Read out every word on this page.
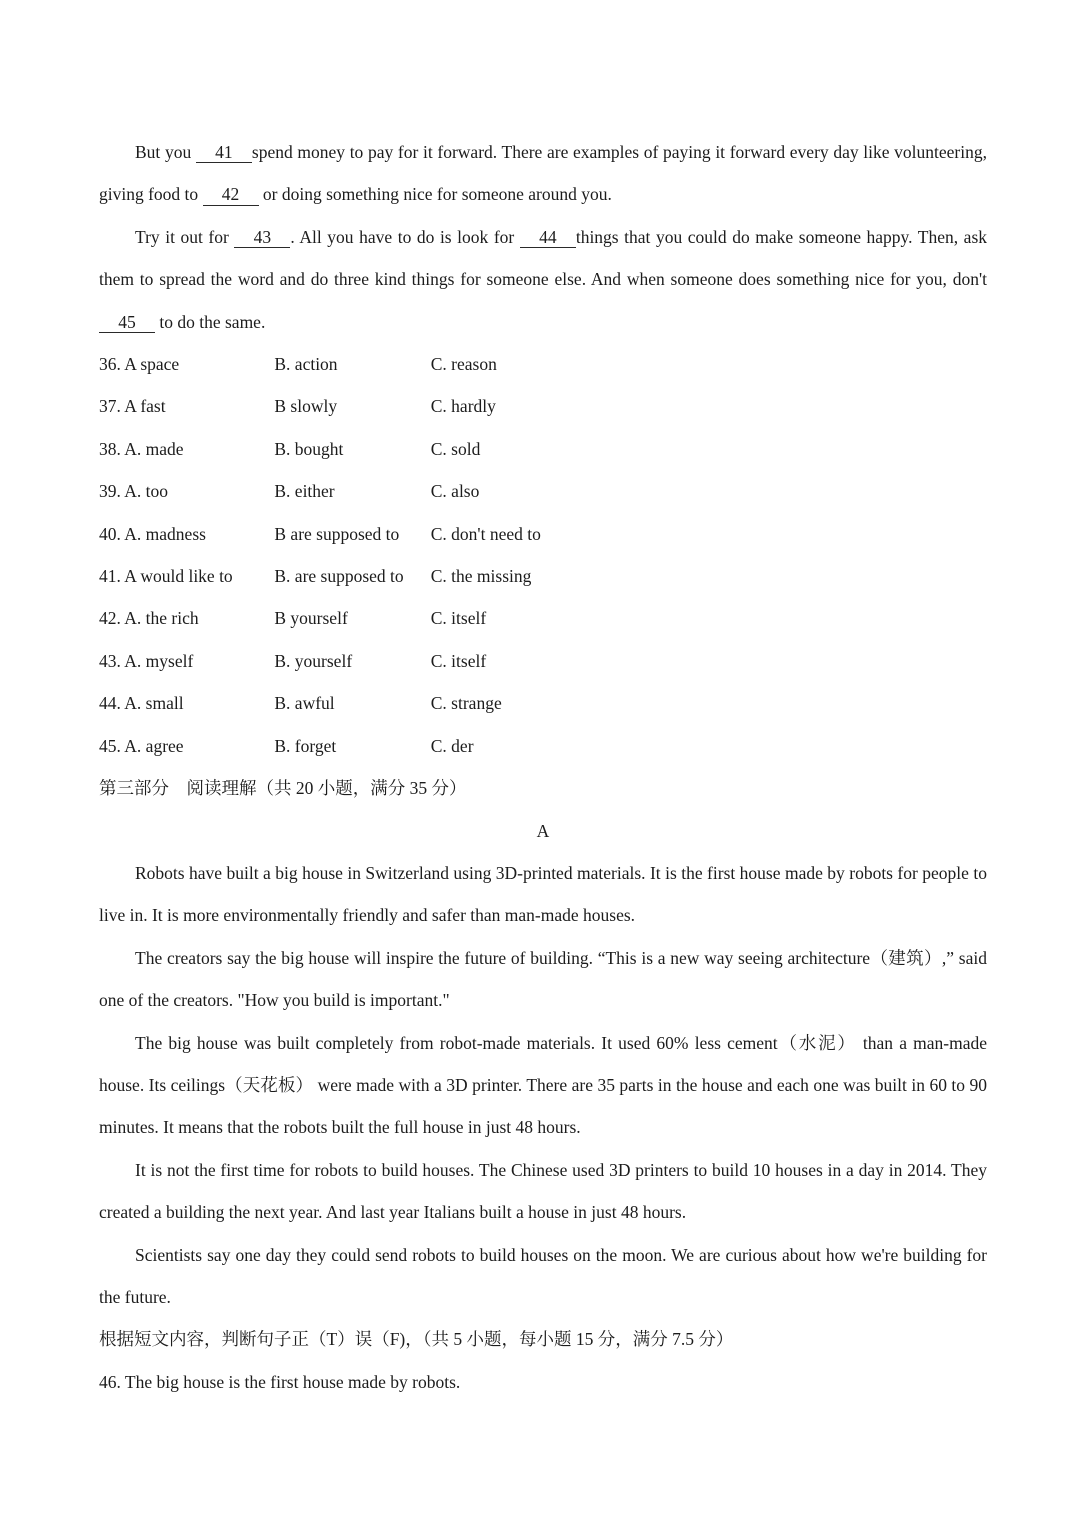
But you 41 spend money to pay for it forward. There are examples of paying it forward every day like volunteering, giving food to 42 or doing something nice for someone around you.

Try it out for 43 . All you have to do is look for 44 things that you could do make someone happy. Then, ask them to spread the word and do three kind things for someone else. And when someone does something nice for you, don't 45 to do the same.

36. A space	B. action	C. reason
37. A fast	B slowly	C. hardly
38. A. made	B. bought	C. sold
39. A. too	B. either	C. also
40. A. madness	B are supposed to C. don't need to
41. A would like to B. are supposed to C. the missing
42. A. the rich	B yourself	C. itself
43. A. myself	B. yourself	C. itself
44. A. small	B. awful	C. strange
45. A. agree	B. forget	C. der

第三部分　阅读理解（共 20 小题，满分 35 分）

A

Robots have built a big house in Switzerland using 3D-printed materials. It is the first house made by robots for people to live in. It is more environmentally friendly and safer than man-made houses.

The creators say the big house will inspire the future of building. “This is a new way seeing architecture（建筑）,” said one of the creators. "How you build is important."

The big house was built completely from robot-made materials. It used 60% less cement（水泥） than a man-made house. Its ceilings（天花板） were made with a 3D printer. There are 35 parts in the house and each one was built in 60 to 90 minutes. It means that the robots built the full house in just 48 hours.

It is not the first time for robots to build houses. The Chinese used 3D printers to build 10 houses in a day in 2014. They created a building the next year. And last year Italians built a house in just 48 hours.

Scientists say one day they could send robots to build houses on the moon. We are curious about how we're building for the future.

根据短文内容，判断句子正（T）误（F)，（共 5 小题，每小题 15 分，满分 7.5 分）

46. The big house is the first house made by robots.
